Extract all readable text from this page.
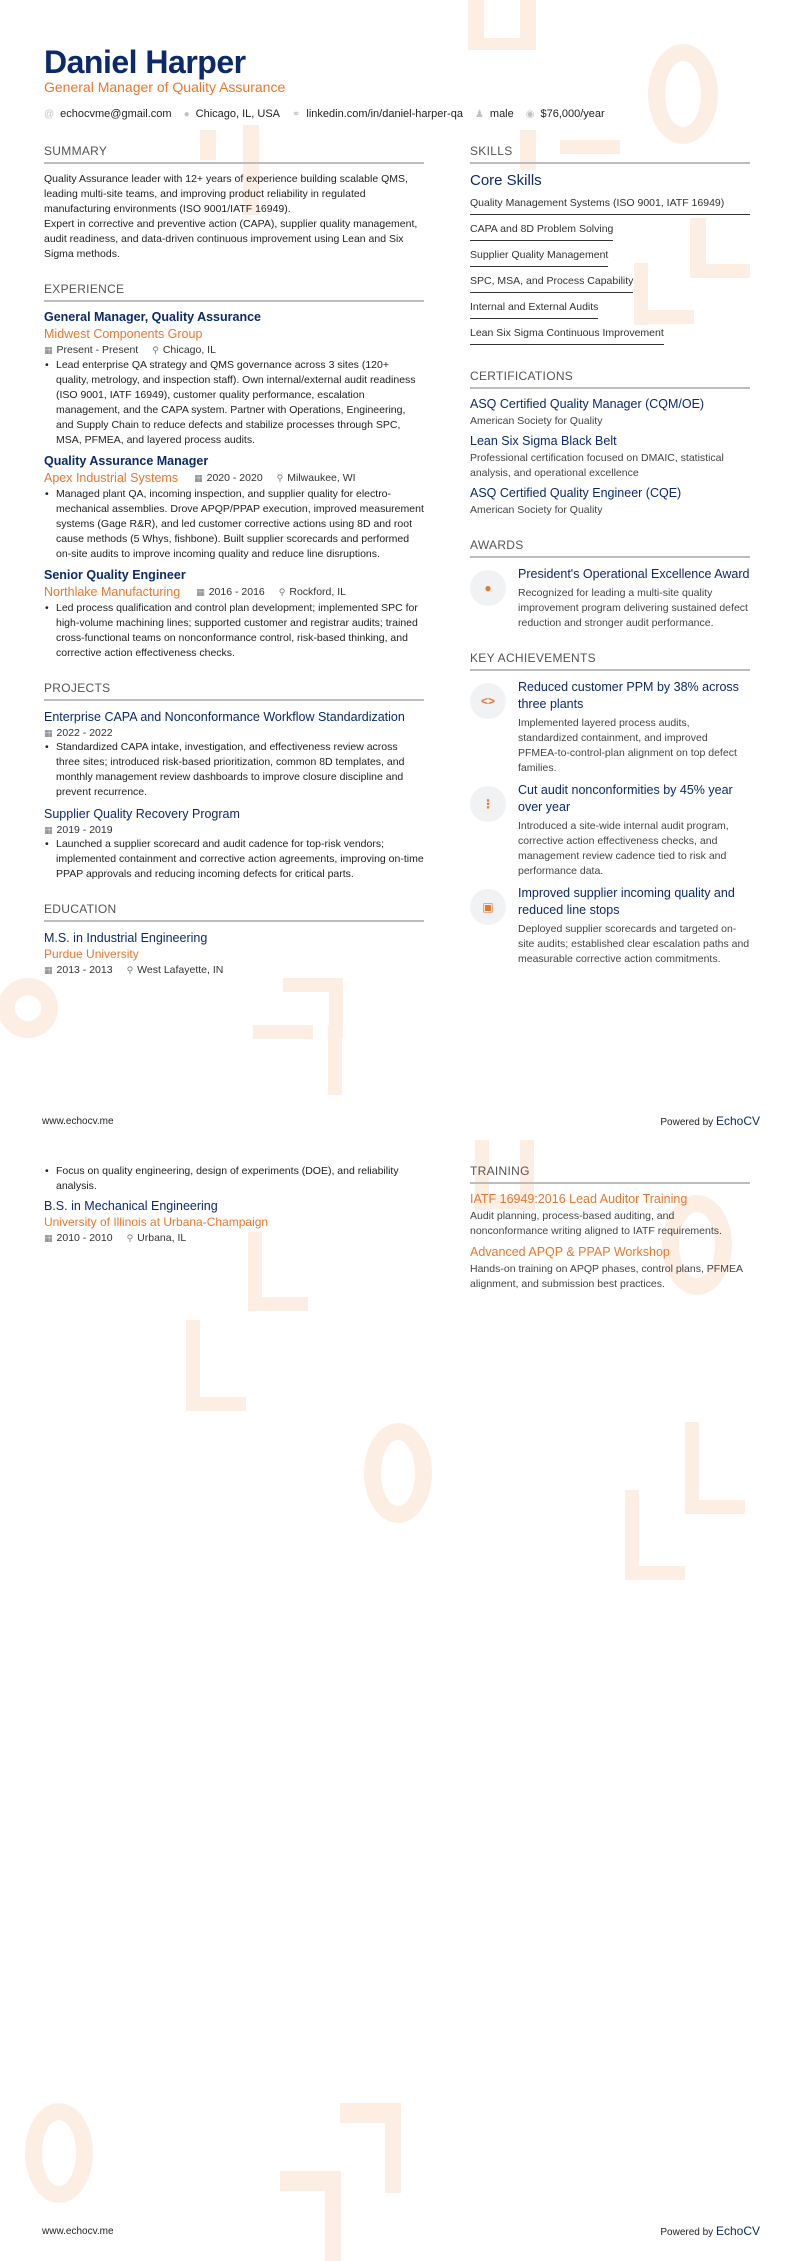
Daniel Harper
General Manager of Quality Assurance
@ echocvme@gmail.com ● Chicago, IL, USA ⚭ linkedin.com/in/daniel-harper-qa ♟ male ◉ $76,000/year
SUMMARY

Quality Assurance leader with 12+ years of experience building scalable QMS, leading multi-site teams, and improving product reliability in regulated manufacturing environments (ISO 9001/IATF 16949).

Expert in corrective and preventive action (CAPA), supplier quality management, audit readiness, and data-driven continuous improvement using Lean and Six Sigma methods.

EXPERIENCE
General Manager, Quality Assurance
Midwest Components Group
▦ Present - Present ⚲ Chicago, IL
• Lead enterprise QA strategy and QMS governance across 3 sites (120+ quality, metrology, and inspection staff). Own internal/external audit readiness (ISO 9001, IATF 16949), customer quality performance, escalation management, and the CAPA system. Partner with Operations, Engineering, and Supply Chain to reduce defects and stabilize processes through SPC, MSA, PFMEA, and layered process audits.
Quality Assurance Manager
Apex Industrial Systems ▦ 2020 - 2020 ⚲ Milwaukee, WI
• Managed plant QA, incoming inspection, and supplier quality for electro-mechanical assemblies. Drove APQP/PPAP execution, improved measurement systems (Gage R&R), and led customer corrective actions using 8D and root cause methods (5 Whys, fishbone). Built supplier scorecards and performed on-site audits to improve incoming quality and reduce line disruptions.
Senior Quality Engineer
Northlake Manufacturing ▦ 2016 - 2016 ⚲ Rockford, IL
• Led process qualification and control plan development; implemented SPC for high-volume machining lines; supported customer and registrar audits; trained cross-functional teams on nonconformance control, risk-based thinking, and corrective action effectiveness checks.
PROJECTS
Enterprise CAPA and Nonconformance Workflow Standardization
▦ 2022 - 2022
• Standardized CAPA intake, investigation, and effectiveness review across three sites; introduced risk-based prioritization, common 8D templates, and monthly management review dashboards to improve closure discipline and prevent recurrence.
Supplier Quality Recovery Program
▦ 2019 - 2019
• Launched a supplier scorecard and audit cadence for top-risk vendors; implemented containment and corrective action agreements, improving on-time PPAP approvals and reducing incoming defects for critical parts.
EDUCATION
M.S. in Industrial Engineering
Purdue University
▦ 2013 - 2013 ⚲ West Lafayette, IN
SKILLS
Core Skills
Quality Management Systems (ISO 9001, IATF 16949)
CAPA and 8D Problem Solving
Supplier Quality Management
SPC, MSA, and Process Capability
Internal and External Audits
Lean Six Sigma Continuous Improvement
CERTIFICATIONS
ASQ Certified Quality Manager (CQM/OE)
American Society for Quality
Lean Six Sigma Black Belt
Professional certification focused on DMAIC, statistical analysis, and operational excellence
ASQ Certified Quality Engineer (CQE)
American Society for Quality
AWARDS
●
President's Operational Excellence Award
Recognized for leading a multi-site quality improvement program delivering sustained defect reduction and stronger audit performance.
KEY ACHIEVEMENTS
<>
Reduced customer PPM by 38% across three plants
Implemented layered process audits, standardized containment, and improved PFMEA-to-control-plan alignment on top defect families.
⋮
Cut audit nonconformities by 45% year over year
Introduced a site-wide internal audit program, corrective action effectiveness checks, and management review cadence tied to risk and performance data.
▣
Improved supplier incoming quality and reduced line stops
Deployed supplier scorecards and targeted on-site audits; established clear escalation paths and measurable corrective action commitments.
www.echocv.me	Powered by EchoCV
• Focus on quality engineering, design of experiments (DOE), and reliability analysis.
B.S. in Mechanical Engineering
University of Illinois at Urbana-Champaign
▦ 2010 - 2010 ⚲ Urbana, IL
TRAINING
IATF 16949:2016 Lead Auditor Training
Audit planning, process-based auditing, and nonconformance writing aligned to IATF requirements.
Advanced APQP & PPAP Workshop
Hands-on training on APQP phases, control plans, PFMEA alignment, and submission best practices.
www.echocv.me	Powered by EchoCV
